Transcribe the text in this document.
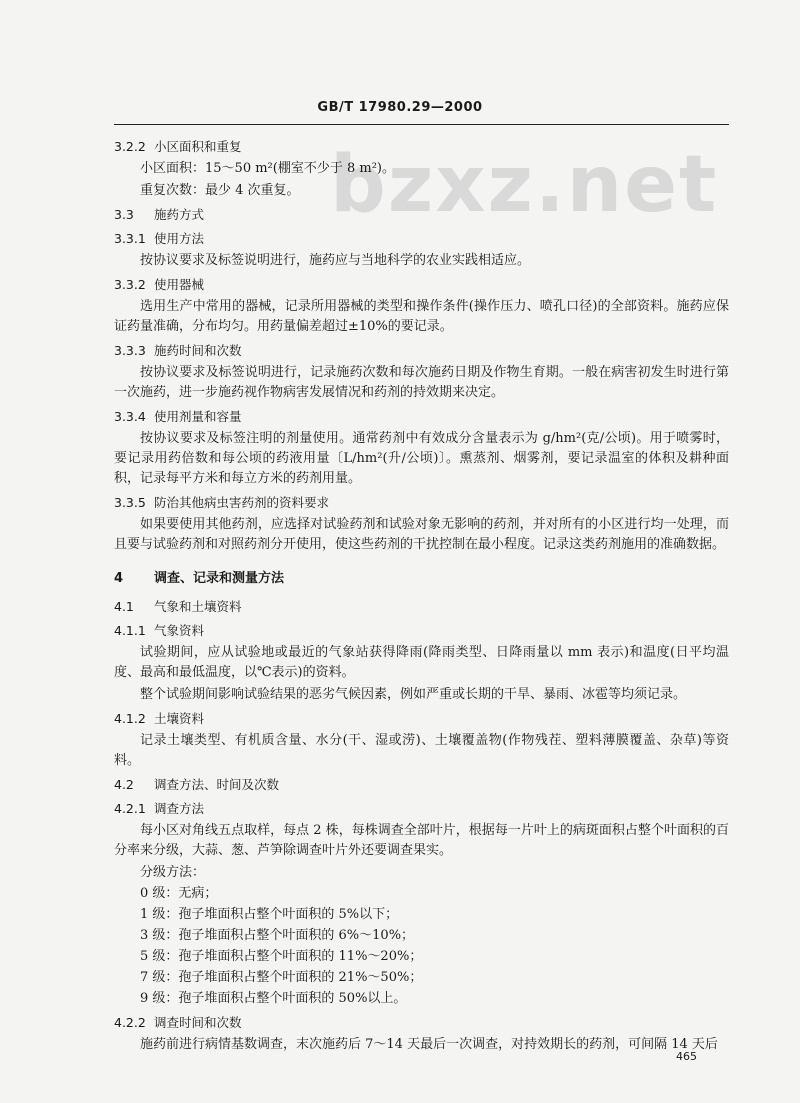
GB/T 17980.29—2000
bzxz.net
3.2.2 小区面积和重复
小区面积：15～50 m²(棚室不少于 8 m²)。
重复次数：最少 4 次重复。
3.3 施药方式
3.3.1 使用方法
按协议要求及标签说明进行，施药应与当地科学的农业实践相适应。
3.3.2 使用器械
选用生产中常用的器械，记录所用器械的类型和操作条件(操作压力、喷孔口径)的全部资料。施药应保证药量准确，分布均匀。用药量偏差超过±10%的要记录。
3.3.3 施药时间和次数
按协议要求及标签说明进行，记录施药次数和每次施药日期及作物生育期。一般在病害初发生时进行第一次施药，进一步施药视作物病害发展情况和药剂的持效期来决定。
3.3.4 使用剂量和容量
按协议要求及标签注明的剂量使用。通常药剂中有效成分含量表示为 g/hm²(克/公顷)。用于喷雾时，要记录用药倍数和每公顷的药液用量〔L/hm²(升/公顷)〕。熏蒸剂、烟雾剂，要记录温室的体积及耕种面积，记录每平方米和每立方米的药剂用量。
3.3.5 防治其他病虫害药剂的资料要求
如果要使用其他药剂，应选择对试验药剂和试验对象无影响的药剂，并对所有的小区进行均一处理，而且要与试验药剂和对照药剂分开使用，使这些药剂的干扰控制在最小程度。记录这类药剂施用的准确数据。
4 调查、记录和测量方法
4.1 气象和土壤资料
4.1.1 气象资料
试验期间，应从试验地或最近的气象站获得降雨(降雨类型、日降雨量以 mm 表示)和温度(日平均温度、最高和最低温度，以℃表示)的资料。
整个试验期间影响试验结果的恶劣气候因素，例如严重或长期的干旱、暴雨、冰雹等均须记录。
4.1.2 土壤资料
记录土壤类型、有机质含量、水分(干、湿或涝)、土壤覆盖物(作物残茬、塑料薄膜覆盖、杂草)等资料。
4.2 调查方法、时间及次数
4.2.1 调查方法
每小区对角线五点取样，每点 2 株，每株调查全部叶片，根据每一片叶上的病斑面积占整个叶面积的百分率来分级，大蒜、葱、芦笋除调查叶片外还要调查果实。
分级方法：
0 级：无病；
1 级：孢子堆面积占整个叶面积的 5%以下；
3 级：孢子堆面积占整个叶面积的 6%～10%；
5 级：孢子堆面积占整个叶面积的 11%～20%；
7 级：孢子堆面积占整个叶面积的 21%～50%；
9 级：孢子堆面积占整个叶面积的 50%以上。
4.2.2 调查时间和次数
施药前进行病情基数调查，末次施药后 7～14 天最后一次调查，对持效期长的药剂，可间隔 14 天后
465
